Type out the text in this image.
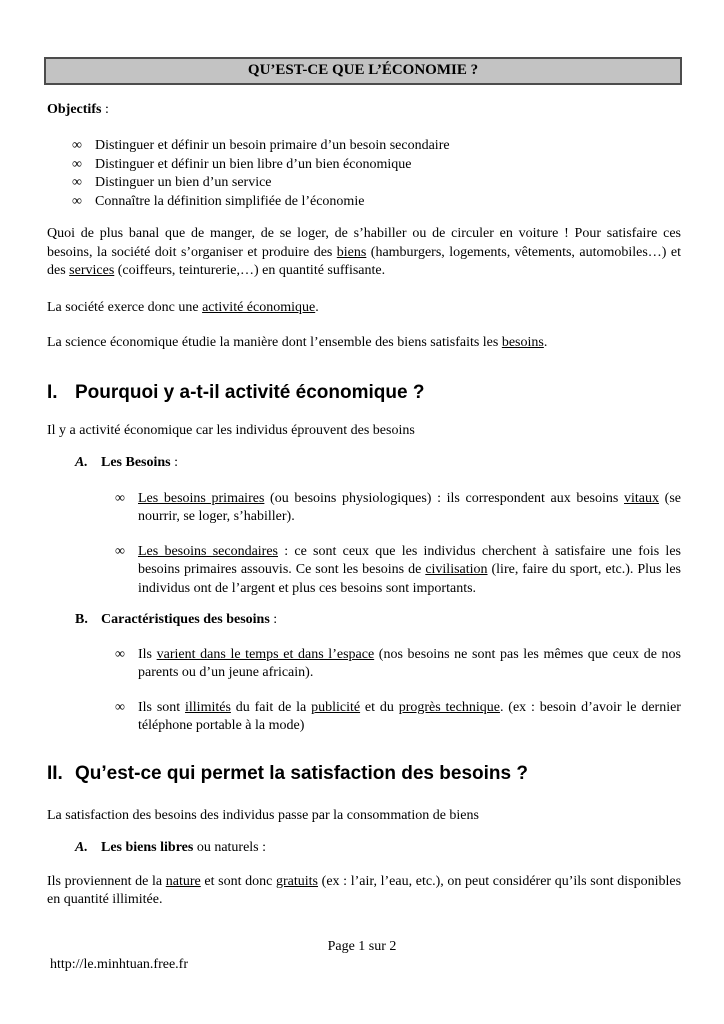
QU’EST-CE QUE L’ÉCONOMIE ?
Objectifs :
∞ Distinguer et définir un besoin primaire d’un besoin secondaire
∞ Distinguer et définir un bien libre d’un bien économique
∞ Distinguer un bien d’un service
∞ Connaître la définition simplifiée de l’économie

Quoi de plus banal que de manger, de se loger, de s’habiller ou de circuler en voiture ! Pour satisfaire ces besoins, la société doit s’organiser et produire des biens (hamburgers, logements, vêtements, automobiles…) et des services (coiffeurs, teinturerie,…) en quantité suffisante.

La société exerce donc une activité économique.

La science économique étudie la manière dont l’ensemble des biens satisfaits les besoins.

I. Pourquoi y a-t-il activité économique ?

Il y a activité économique car les individus éprouvent des besoins

A. Les Besoins :
∞ Les besoins primaires (ou besoins physiologiques) : ils correspondent aux besoins vitaux (se nourrir, se loger, s’habiller).
∞ Les besoins secondaires : ce sont ceux que les individus cherchent à satisfaire une fois les besoins primaires assouvis. Ce sont les besoins de civilisation (lire, faire du sport, etc.). Plus les individus ont de l’argent et plus ces besoins sont importants.
B. Caractéristiques des besoins :
∞ Ils varient dans le temps et dans l’espace (nos besoins ne sont pas les mêmes que ceux de nos parents ou d’un jeune africain).
∞ Ils sont illimités du fait de la publicité et du progrès technique. (ex : besoin d’avoir le dernier téléphone portable à la mode)
II. Qu’est-ce qui permet la satisfaction des besoins ?

La satisfaction des besoins des individus passe par la consommation de biens

A. Les biens libres ou naturels :

Ils proviennent de la nature et sont donc gratuits (ex : l’air, l’eau, etc.), on peut considérer qu’ils sont disponibles en quantité illimitée.

Page 1 sur 2
http://le.minhtuan.free.fr
